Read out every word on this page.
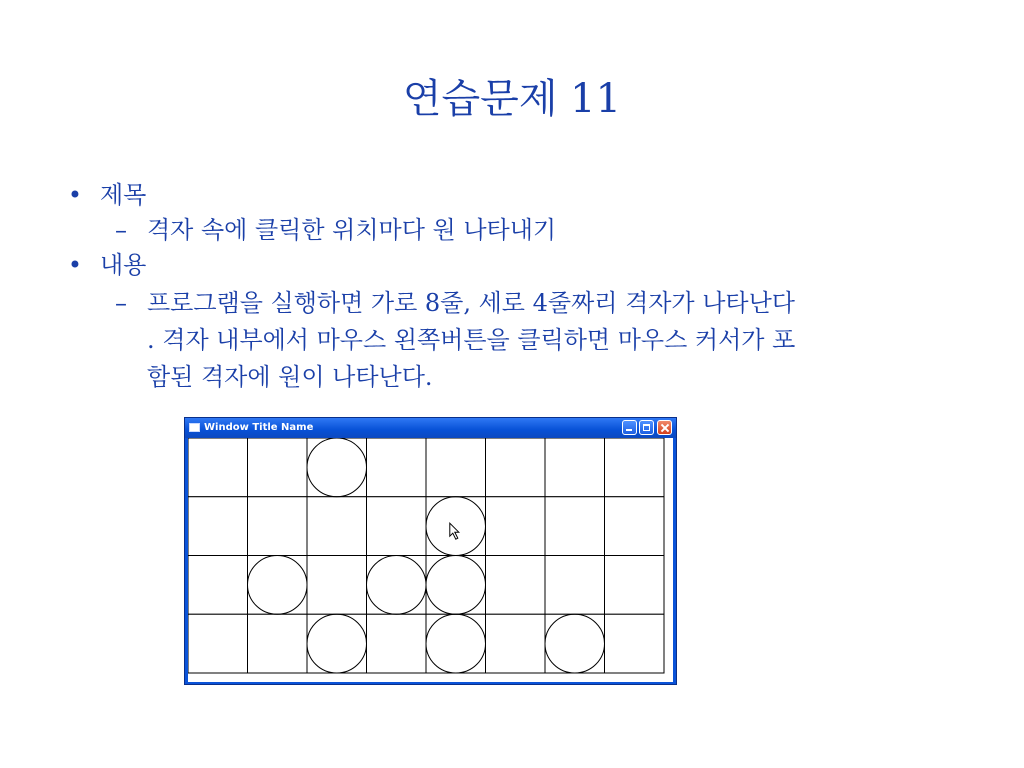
연습문제 11
• 제목
– 격자 속에 클릭한 위치마다 원 나타내기
• 내용
– 프로그램을 실행하면 가로 8줄, 세로 4줄짜리 격자가 나타난다
. 격자 내부에서 마우스 왼쪽버튼을 클릭하면 마우스 커서가 포
함된 격자에 원이 나타난다.
Window Title Name
